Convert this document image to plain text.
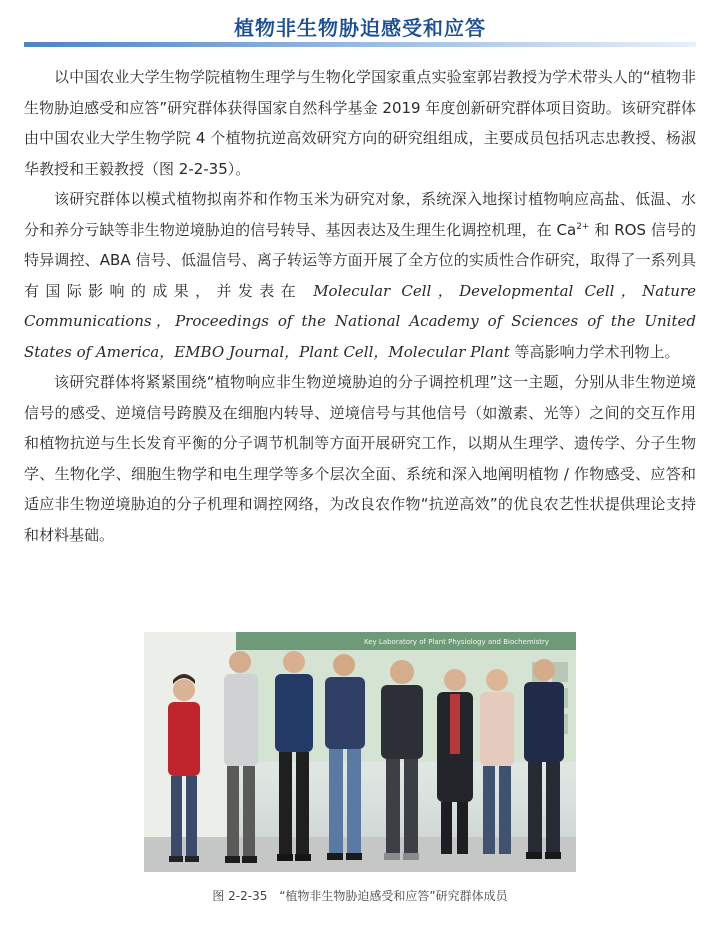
植物非生物胁迫感受和应答

以中国农业大学生物学院植物生理学与生物化学国家重点实验室郭岩教授为学术带头人的“植物非生物胁迫感受和应答”研究群体获得国家自然科学基金 2019 年度创新研究群体项目资助。该研究群体由中国农业大学生物学院 4 个植物抗逆高效研究方向的研究组组成，主要成员包括巩志忠教授、杨淑华教授和王毅教授（图 2-2-35）。

该研究群体以模式植物拟南芥和作物玉米为研究对象，系统深入地探讨植物响应高盐、低温、水分和养分亏缺等非生物逆境胁迫的信号转导、基因表达及生理生化调控机理，在 $Ca^{2+}$ 和 ROS 信号的特异调控、ABA 信号、低温信号、离子转运等方面开展了全方位的实质性合作研究，取得了一系列具有国际影响的成果，并发表在 Molecular Cell，Developmental Cell，Nature Communications，Proceedings of the National Academy of Sciences of the United States of America，EMBO Journal，Plant Cell，Molecular Plant 等高影响力学术刊物上。

该研究群体将紧紧围绕“植物响应非生物逆境胁迫的分子调控机理”这一主题，分别从非生物逆境信号的感受、逆境信号跨膜及在细胞内转导、逆境信号与其他信号（如激素、光等）之间的交互作用和植物抗逆与生长发育平衡的分子调节机制等方面开展研究工作，以期从生理学、遗传学、分子生物学、生物化学、细胞生物学和电生理学等多个层次全面、系统和深入地阐明植物 / 作物感受、应答和适应非生物逆境胁迫的分子机理和调控网络，为改良农作物“抗逆高效”的优良农艺性状提供理论支持和材料基础。

Key Laboratory of Plant Physiology and Biochemistry
图 2-2-35 “植物非生物胁迫感受和应答”研究群体成员
